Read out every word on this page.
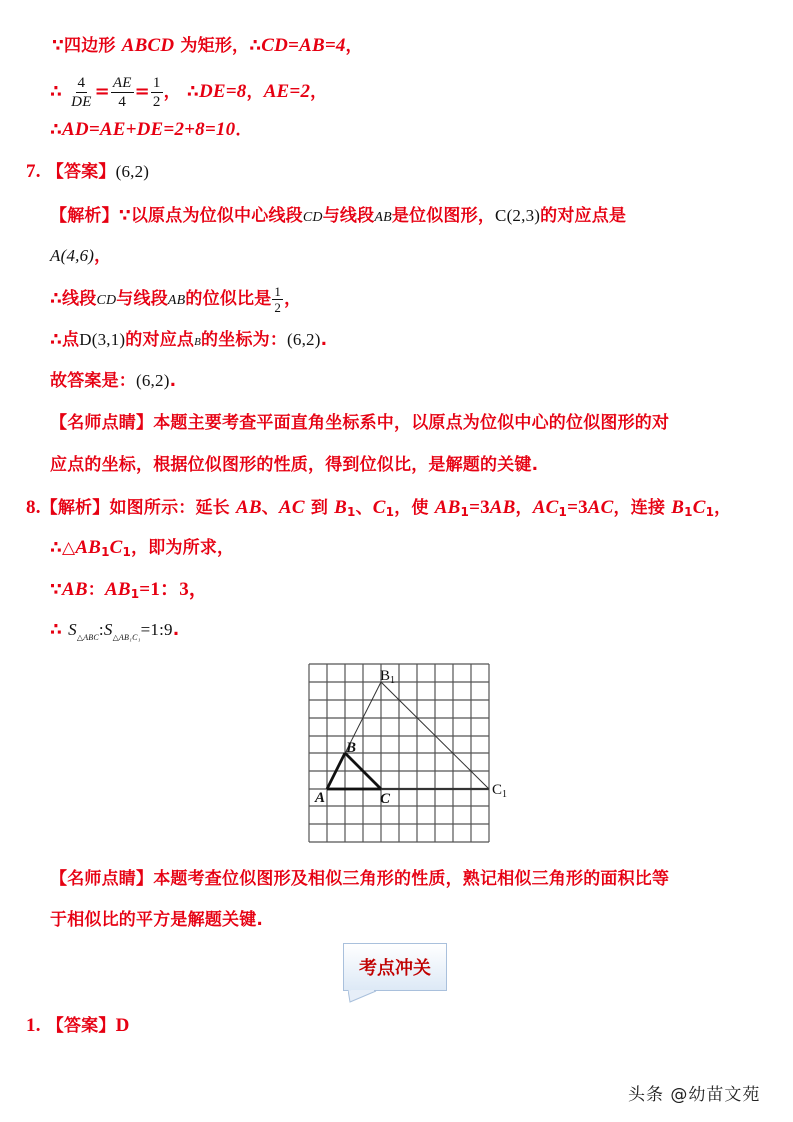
∵四边形 ABCD 为矩形，∴CD=AB=4，
∴ $\frac{4}{DE} = \frac{AE}{4} = \frac{1}{2}$ ， ∴DE=8，AE=2，
∴AD=AE+DE=2+8=10．
7. 【答案】(6,2)
【解析】∵以原点为位似中心线段CD与线段AB是位似图形，C(2,3)的对应点是
A(4,6)，
∴线段CD与线段AB的位似比是 $\frac{1}{2}$ ，
∴点D(3,1)的对应点B的坐标为：(6,2).
故答案是：(6,2).
【名师点睛】本题主要考查平面直角坐标系中，以原点为位似中心的位似图形的对
应点的坐标，根据位似图形的性质，得到位似比，是解题的关键.
8.【解析】如图所示：延长 AB、AC 到 $B_1$、$C_1$，使 $AB_1=3AB$，$AC_1=3AC$，连接 $B_1C_1$，
$\therefore\triangle AB_1C_1$，即为所求，
∵AB：$AB_1=1$：3，
∴ $S_{\triangle ABC}:S_{\triangle AB_1C_1}=1:9$.
A
B
C
$B_1$
$C_1$
【名师点睛】本题考查位似图形及相似三角形的性质，熟记相似三角形的面积比等
于相似比的平方是解题关键.
考点冲关
1. 【答案】D
头条 @幼苗文苑
